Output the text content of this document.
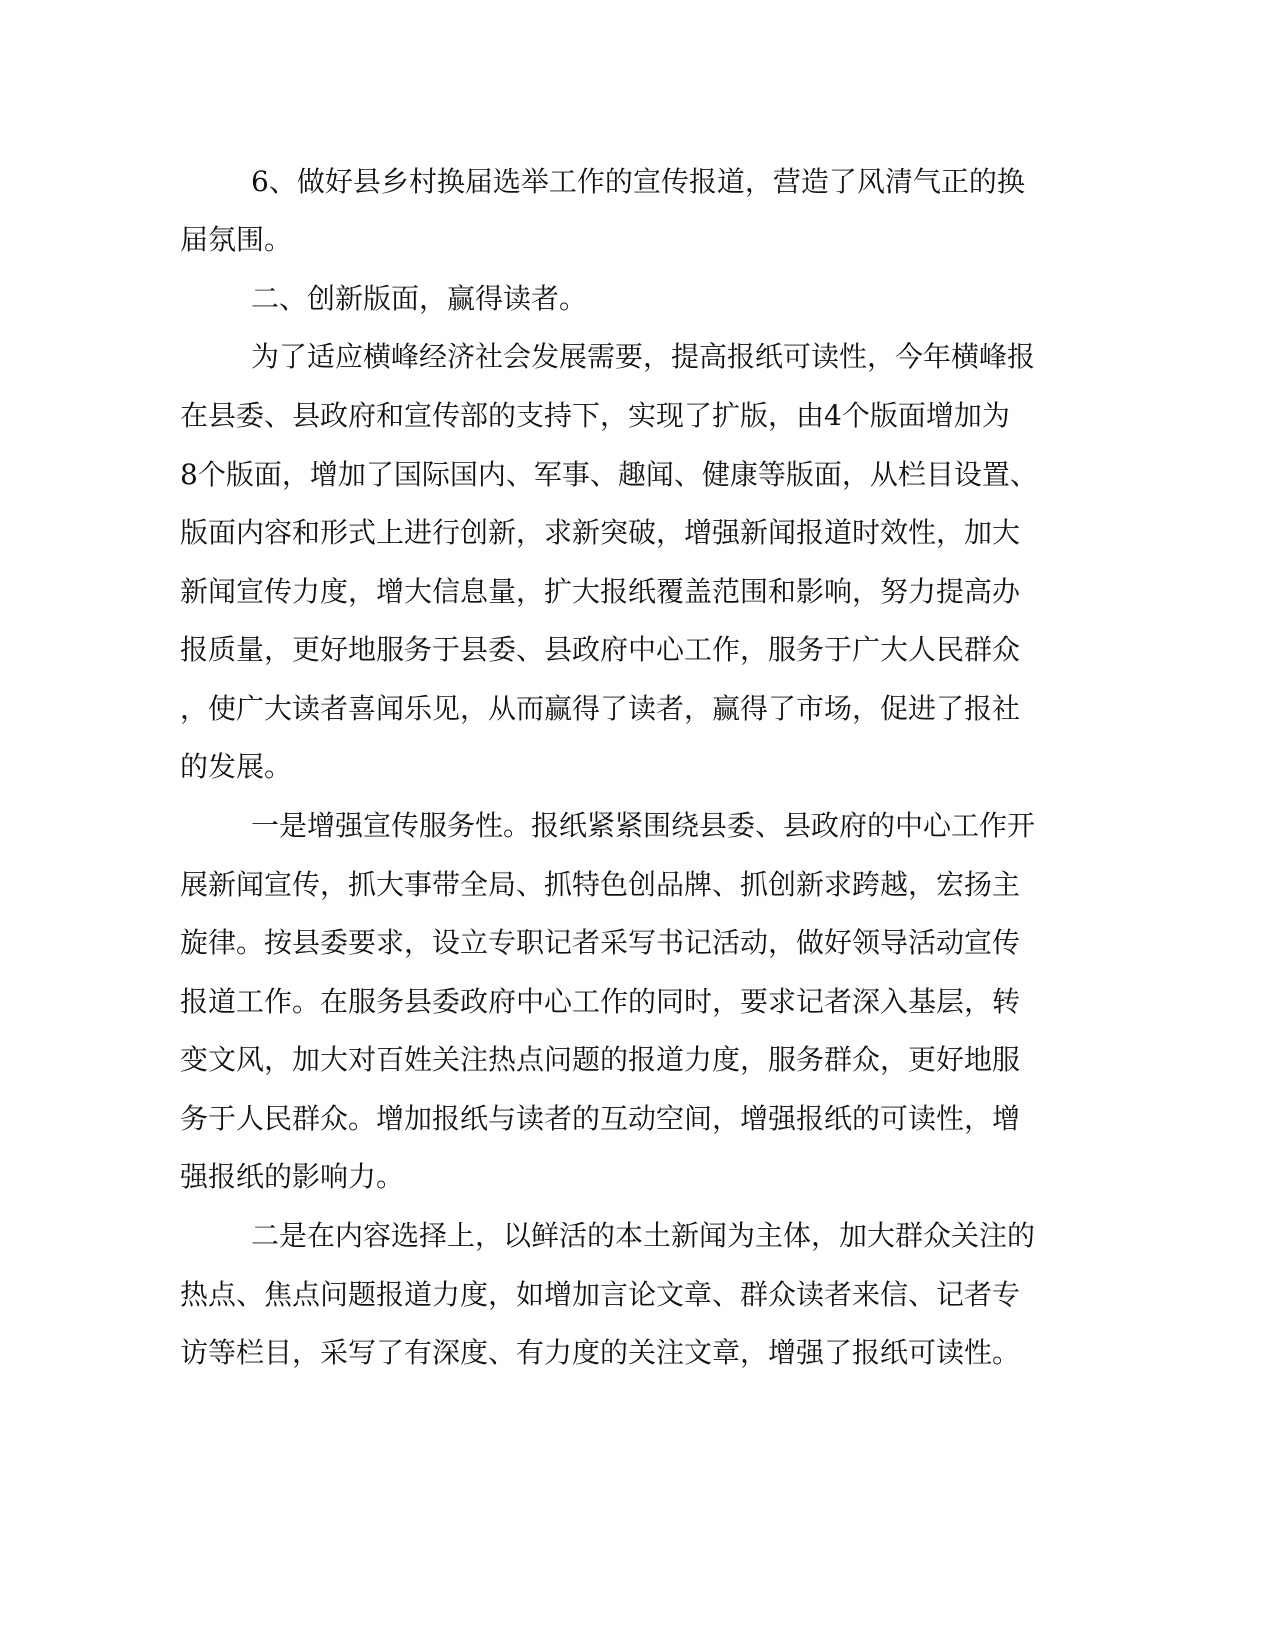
6、做好县乡村换届选举工作的宣传报道，营造了风清气正的换
届氛围。
二、创新版面，赢得读者。
为了适应横峰经济社会发展需要，提高报纸可读性，今年横峰报
在县委、县政府和宣传部的支持下，实现了扩版，由4个版面增加为
8个版面，增加了国际国内、军事、趣闻、健康等版面，从栏目设置、
版面内容和形式上进行创新，求新突破，增强新闻报道时效性，加大
新闻宣传力度，增大信息量，扩大报纸覆盖范围和影响，努力提高办
报质量，更好地服务于县委、县政府中心工作，服务于广大人民群众
，使广大读者喜闻乐见，从而赢得了读者，赢得了市场，促进了报社
的发展。
一是增强宣传服务性。报纸紧紧围绕县委、县政府的中心工作开
展新闻宣传，抓大事带全局、抓特色创品牌、抓创新求跨越，宏扬主
旋律。按县委要求，设立专职记者采写书记活动，做好领导活动宣传
报道工作。在服务县委政府中心工作的同时，要求记者深入基层，转
变文风，加大对百姓关注热点问题的报道力度，服务群众，更好地服
务于人民群众。增加报纸与读者的互动空间，增强报纸的可读性，增
强报纸的影响力。
二是在内容选择上，以鲜活的本土新闻为主体，加大群众关注的
热点、焦点问题报道力度，如增加言论文章、群众读者来信、记者专
访等栏目，采写了有深度、有力度的关注文章，增强了报纸可读性。
